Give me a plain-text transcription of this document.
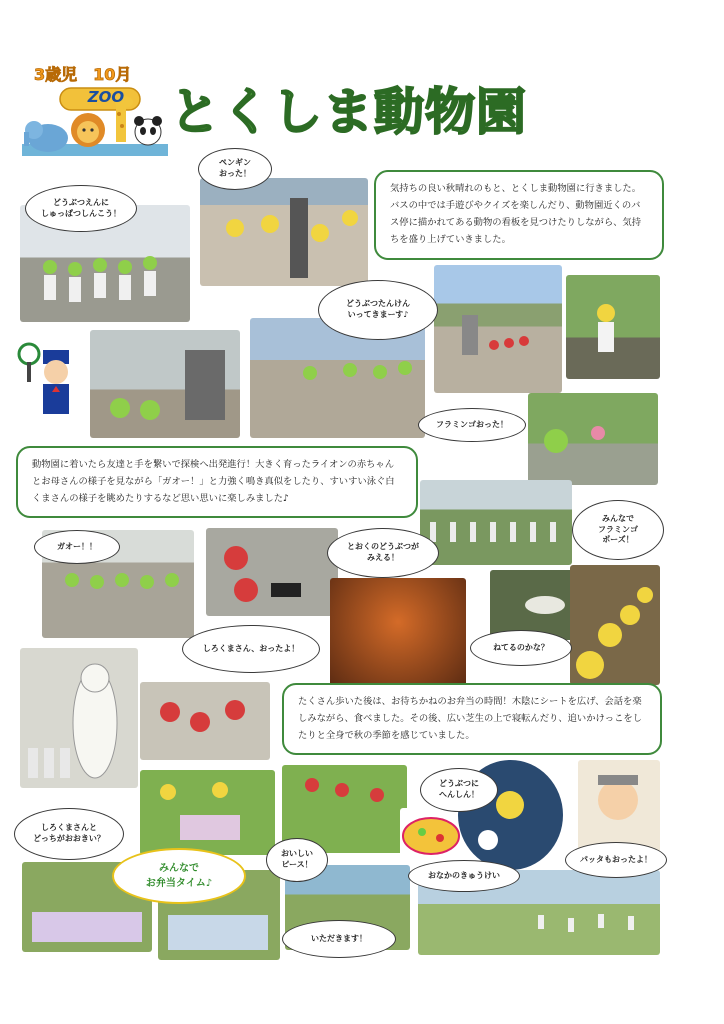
3歳児　10月
ZOO とくしま動物園
気持ちの良い秋晴れのもと、とくしま動物園に行きました。バスの中では手遊びやクイズを楽しんだり、動物園近くのバス停に描かれてある動物の看板を見つけたりしながら、気持ちを盛り上げていきました。
動物園に着いたら友達と手を繋いで探検へ出発進行！大きく育ったライオンの赤ちゃんとお母さんの様子を見ながら「ガオー！」と力強く鳴き真似をしたり、すいすい泳ぐ白くまさんの様子を眺めたりするなど思い思いに楽しみました♪
たくさん歩いた後は、お待ちかねのお弁当の時間！木陰にシートを広げ、会話を楽しみながら、食べました。その後、広い芝生の上で寝転んだり、追いかけっこをしたりと全身で秋の季節を感じていました。
どうぶつえんに
しゅっぱつしんこう！
ペンギン
おった！
どうぶつたんけん
いってきまーす♪
フラミンゴおった！
みんなで
フラミンゴ
ポーズ！
ガオー！！	とおくのどうぶつが
みえる！
しろくまさん、おったよ！	ねてるのかな？
しろくまさんと
どっちがおおきい？
どうぶつに
へんしん！
おいしい
ピース！
パッタもおったよ！
おなかのきゅうけい
いただきます！
みんなで
お弁当タイム♪
